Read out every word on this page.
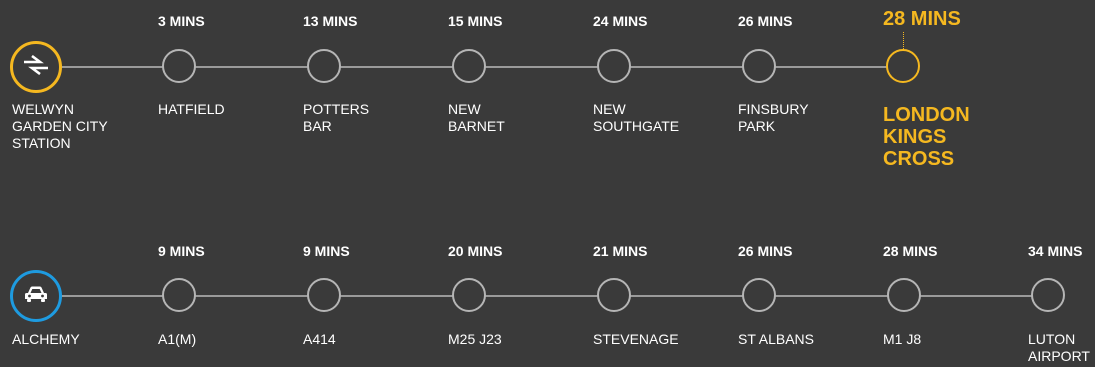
WELWYN
GARDEN CITY
STATION
3 MINS
HATFIELD
13 MINS
POTTERS
BAR
15 MINS
NEW
BARNET
24 MINS
NEW
SOUTHGATE
26 MINS
FINSBURY
PARK
28 MINS
LONDON
KINGS
CROSS
ALCHEMY
9 MINS
A1(M)
9 MINS
A414
20 MINS
M25 J23
21 MINS
STEVENAGE
26 MINS
ST ALBANS
28 MINS
M1 J8
34 MINS
LUTON
AIRPORT
